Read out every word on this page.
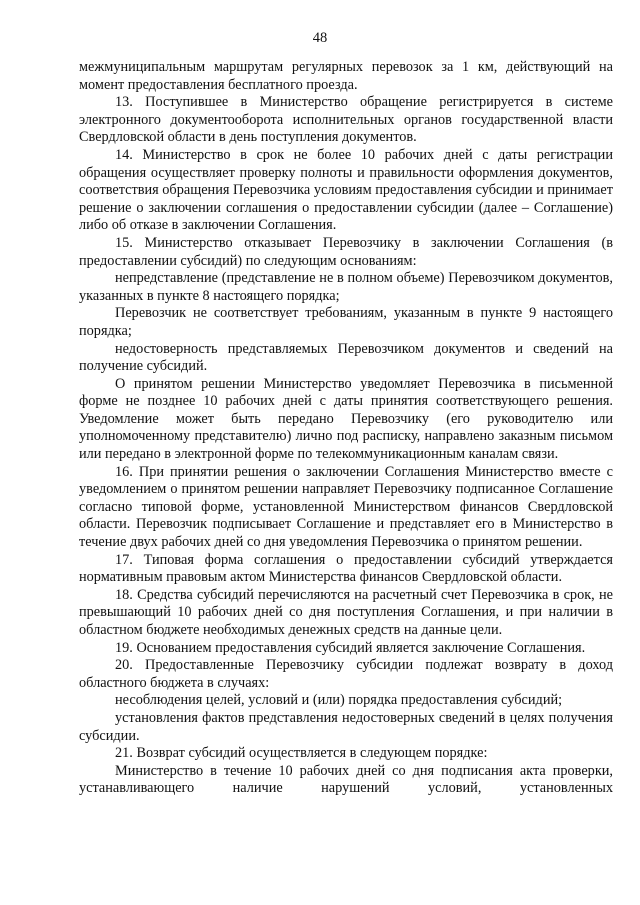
48

межмуниципальным маршрутам регулярных перевозок за 1 км, действующий на момент предоставления бесплатного проезда.

13. Поступившее в Министерство обращение регистрируется в системе электронного документооборота исполнительных органов государственной власти Свердловской области в день поступления документов.

14. Министерство в срок не более 10 рабочих дней с даты регистрации обращения осуществляет проверку полноты и правильности оформления документов, соответствия обращения Перевозчика условиям предоставления субсидии и принимает решение о заключении соглашения о предоставлении субсидии (далее – Соглашение) либо об отказе в заключении Соглашения.

15. Министерство отказывает Перевозчику в заключении Соглашения (в предоставлении субсидий) по следующим основаниям:

непредставление (представление не в полном объеме) Перевозчиком документов, указанных в пункте 8 настоящего порядка;

Перевозчик не соответствует требованиям, указанным в пункте 9 настоящего порядка;

недостоверность представляемых Перевозчиком документов и сведений на получение субсидий.

О принятом решении Министерство уведомляет Перевозчика в письменной форме не позднее 10 рабочих дней с даты принятия соответствующего решения. Уведомление может быть передано Перевозчику (его руководителю или уполномоченному представителю) лично под расписку, направлено заказным письмом или передано в электронной форме по телекоммуникационным каналам связи.

16. При принятии решения о заключении Соглашения Министерство вместе с уведомлением о принятом решении направляет Перевозчику подписанное Соглашение согласно типовой форме, установленной Министерством финансов Свердловской области. Перевозчик подписывает Соглашение и представляет его в Министерство в течение двух рабочих дней со дня уведомления Перевозчика о принятом решении.

17. Типовая форма соглашения о предоставлении субсидий утверждается нормативным правовым актом Министерства финансов Свердловской области.

18. Средства субсидий перечисляются на расчетный счет Перевозчика в срок, не превышающий 10 рабочих дней со дня поступления Соглашения, и при наличии в областном бюджете необходимых денежных средств на данные цели.

19. Основанием предоставления субсидий является заключение Соглашения.

20. Предоставленные Перевозчику субсидии подлежат возврату в доход областного бюджета в случаях:

несоблюдения целей, условий и (или) порядка предоставления субсидий;

установления фактов представления недостоверных сведений в целях получения субсидии.

21. Возврат субсидий осуществляется в следующем порядке:

Министерство в течение 10 рабочих дней со дня подписания акта проверки, устанавливающего наличие нарушений условий, установленных
